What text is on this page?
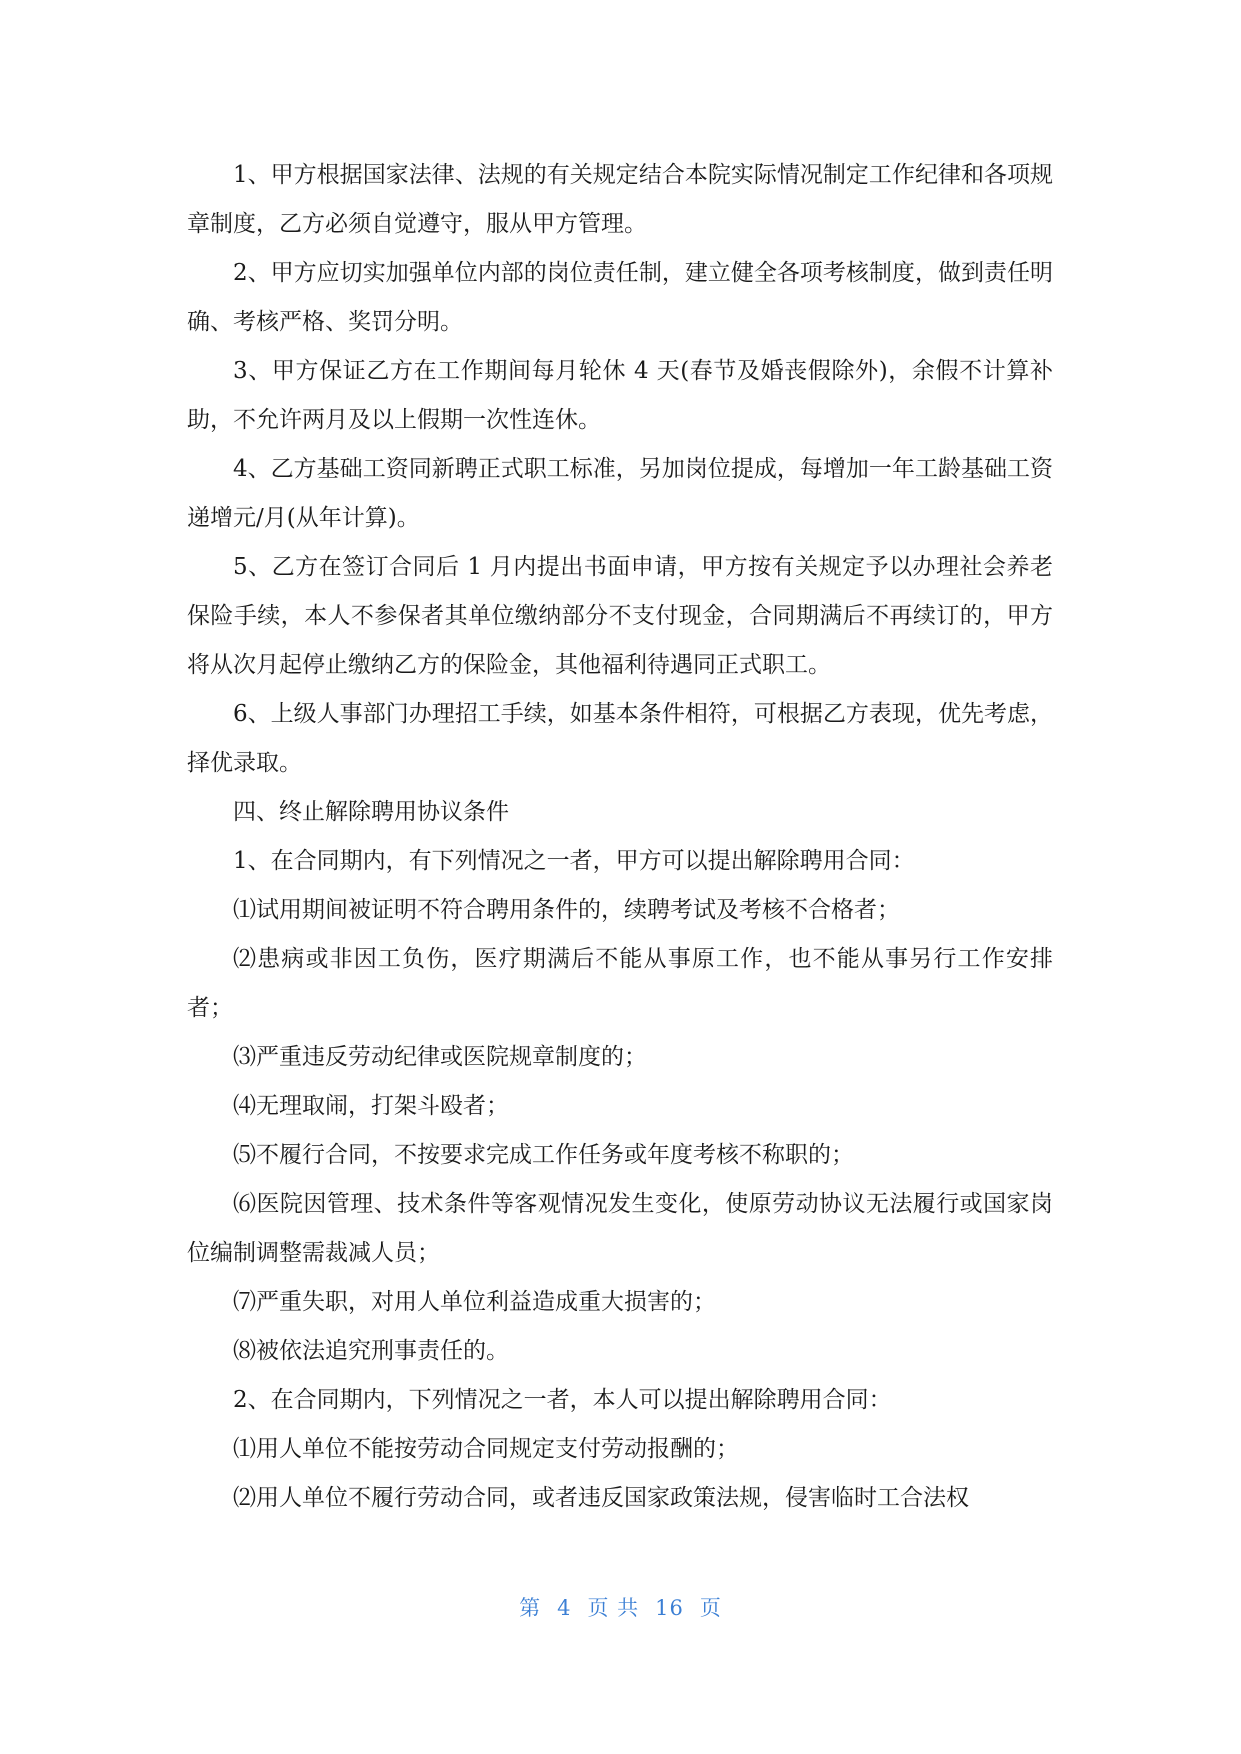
1、甲方根据国家法律、法规的有关规定结合本院实际情况制定工作纪律和各项规章制度，乙方必须自觉遵守，服从甲方管理。

2、甲方应切实加强单位内部的岗位责任制，建立健全各项考核制度，做到责任明确、考核严格、奖罚分明。

3、甲方保证乙方在工作期间每月轮休 4 天(春节及婚丧假除外)，余假不计算补助，不允许两月及以上假期一次性连休。

4、乙方基础工资同新聘正式职工标准，另加岗位提成，每增加一年工龄基础工资递增元/月(从年计算)。

5、乙方在签订合同后 1 月内提出书面申请，甲方按有关规定予以办理社会养老保险手续，本人不参保者其单位缴纳部分不支付现金，合同期满后不再续订的，甲方将从次月起停止缴纳乙方的保险金，其他福利待遇同正式职工。

6、上级人事部门办理招工手续，如基本条件相符，可根据乙方表现，优先考虑，择优录取。

四、终止解除聘用协议条件

1、在合同期内，有下列情况之一者，甲方可以提出解除聘用合同：

⑴试用期间被证明不符合聘用条件的，续聘考试及考核不合格者；

⑵患病或非因工负伤，医疗期满后不能从事原工作，也不能从事另行工作安排者；

⑶严重违反劳动纪律或医院规章制度的；

⑷无理取闹，打架斗殴者；

⑸不履行合同，不按要求完成工作任务或年度考核不称职的；

⑹医院因管理、技术条件等客观情况发生变化，使原劳动协议无法履行或国家岗位编制调整需裁减人员；

⑺严重失职，对用人单位利益造成重大损害的；

⑻被依法追究刑事责任的。

2、在合同期内，下列情况之一者，本人可以提出解除聘用合同：

⑴用人单位不能按劳动合同规定支付劳动报酬的；

⑵用人单位不履行劳动合同，或者违反国家政策法规，侵害临时工合法权

第 4 页 共 16 页
